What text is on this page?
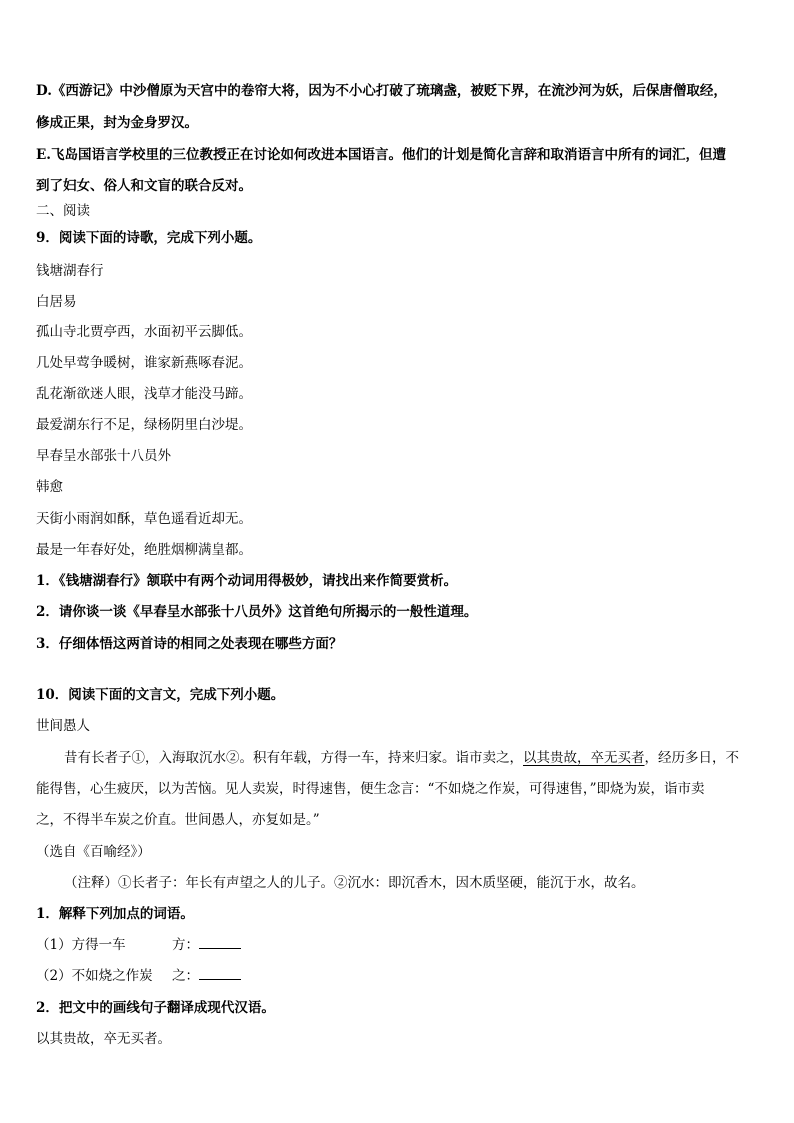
D.《西游记》中沙僧原为天宫中的卷帘大将，因为不小心打破了琉璃盏，被贬下界，在流沙河为妖，后保唐僧取经，
修成正果，封为金身罗汉。
E.飞岛国语言学校里的三位教授正在讨论如何改进本国语言。他们的计划是简化言辞和取消语言中所有的词汇，但遭
到了妇女、俗人和文盲的联合反对。
二、阅读
9．阅读下面的诗歌，完成下列小题。
钱塘湖春行
白居易
孤山寺北贾亭西，水面初平云脚低。
几处早莺争暖树，谁家新燕啄春泥。
乱花渐欲迷人眼，浅草才能没马蹄。
最爱湖东行不足，绿杨阴里白沙堤。
早春呈水部张十八员外
韩愈
天街小雨润如酥，草色遥看近却无。
最是一年春好处，绝胜烟柳满皇都。
1．《钱塘湖春行》颔联中有两个动词用得极妙，请找出来作简要赏析。
2．请你谈一谈《早春呈水部张十八员外》这首绝句所揭示的一般性道理。
3．仔细体悟这两首诗的相同之处表现在哪些方面？
10．阅读下面的文言文，完成下列小题。
世间愚人
昔有长者子①，入海取沉水②。积有年载，方得一车，持来归家。诣市卖之，以其贵故，卒无买者，经历多日，不
能得售，心生疲厌，以为苦恼。见人卖炭，时得速售，便生念言：“不如烧之作炭，可得速售，”即烧为炭，诣市卖
之，不得半车炭之价直。世间愚人，亦复如是。”
（选自《百喻经》）
（注释）①长者子：年长有声望之人的儿子。②沉水：即沉香木，因木质坚硬，能沉于水，故名。
1．解释下列加点的词语。
（1）方得一车	方：
（2）不如烧之作炭 之：
2．把文中的画线句子翻译成现代汉语。
以其贵故，卒无买者。
